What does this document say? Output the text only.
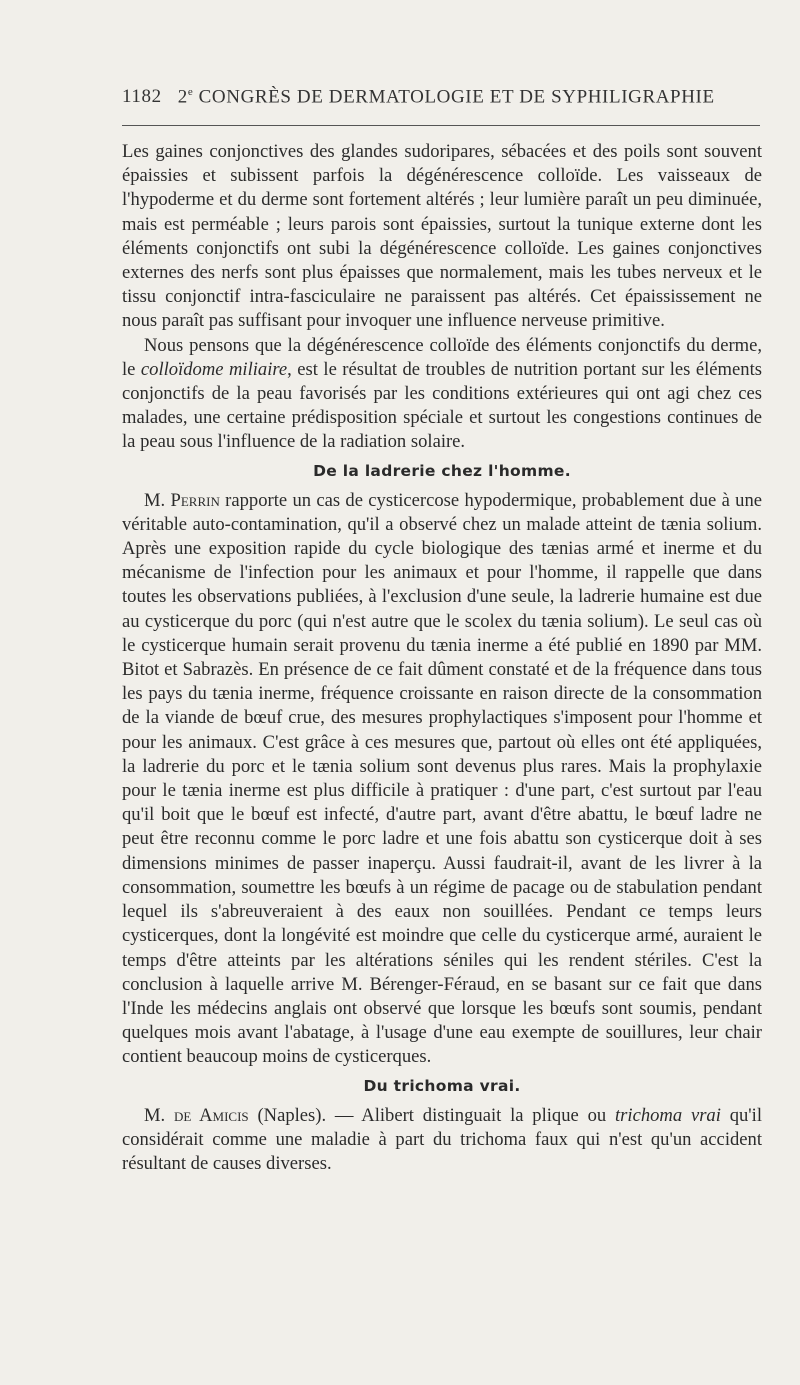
1182 2e CONGRÈS DE DERMATOLOGIE ET DE SYPHILIGRAPHIE

Les gaines conjonctives des glandes sudoripares, sébacées et des poils sont souvent épaissies et subissent parfois la dégénérescence colloïde. Les vaisseaux de l'hypoderme et du derme sont fortement altérés ; leur lumière paraît un peu diminuée, mais est perméable ; leurs parois sont épaissies, surtout la tunique externe dont les éléments conjonctifs ont subi la dégénérescence colloïde. Les gaines conjonctives externes des nerfs sont plus épaisses que normalement, mais les tubes nerveux et le tissu conjonctif intra-fasciculaire ne paraissent pas altérés. Cet épaississement ne nous paraît pas suffisant pour invoquer une influence nerveuse primitive.

Nous pensons que la dégénérescence colloïde des éléments conjonctifs du derme, le colloïdome miliaire, est le résultat de troubles de nutrition portant sur les éléments conjonctifs de la peau favorisés par les conditions extérieures qui ont agi chez ces malades, une certaine prédisposition spéciale et surtout les congestions continues de la peau sous l'influence de la radiation solaire.

De la ladrerie chez l'homme.

M. Perrin rapporte un cas de cysticercose hypodermique, probablement due à une véritable auto-contamination, qu'il a observé chez un malade atteint de tænia solium. Après une exposition rapide du cycle biologique des tænias armé et inerme et du mécanisme de l'infection pour les animaux et pour l'homme, il rappelle que dans toutes les observations publiées, à l'exclusion d'une seule, la ladrerie humaine est due au cysticerque du porc (qui n'est autre que le scolex du tænia solium). Le seul cas où le cysticerque humain serait provenu du tænia inerme a été publié en 1890 par MM. Bitot et Sabrazès. En présence de ce fait dûment constaté et de la fréquence dans tous les pays du tænia inerme, fréquence croissante en raison directe de la consommation de la viande de bœuf crue, des mesures prophylactiques s'imposent pour l'homme et pour les animaux. C'est grâce à ces mesures que, partout où elles ont été appliquées, la ladrerie du porc et le tænia solium sont devenus plus rares. Mais la prophylaxie pour le tænia inerme est plus difficile à pratiquer : d'une part, c'est surtout par l'eau qu'il boit que le bœuf est infecté, d'autre part, avant d'être abattu, le bœuf ladre ne peut être reconnu comme le porc ladre et une fois abattu son cysticerque doit à ses dimensions minimes de passer inaperçu. Aussi faudrait-il, avant de les livrer à la consommation, soumettre les bœufs à un régime de pacage ou de stabulation pendant lequel ils s'abreuveraient à des eaux non souillées. Pendant ce temps leurs cysticerques, dont la longévité est moindre que celle du cysticerque armé, auraient le temps d'être atteints par les altérations séniles qui les rendent stériles. C'est la conclusion à laquelle arrive M. Bérenger-Féraud, en se basant sur ce fait que dans l'Inde les médecins anglais ont observé que lorsque les bœufs sont soumis, pendant quelques mois avant l'abatage, à l'usage d'une eau exempte de souillures, leur chair contient beaucoup moins de cysticerques.

Du trichoma vrai.

M. de Amicis (Naples). — Alibert distinguait la plique ou trichoma vrai qu'il considérait comme une maladie à part du trichoma faux qui n'est qu'un accident résultant de causes diverses.
